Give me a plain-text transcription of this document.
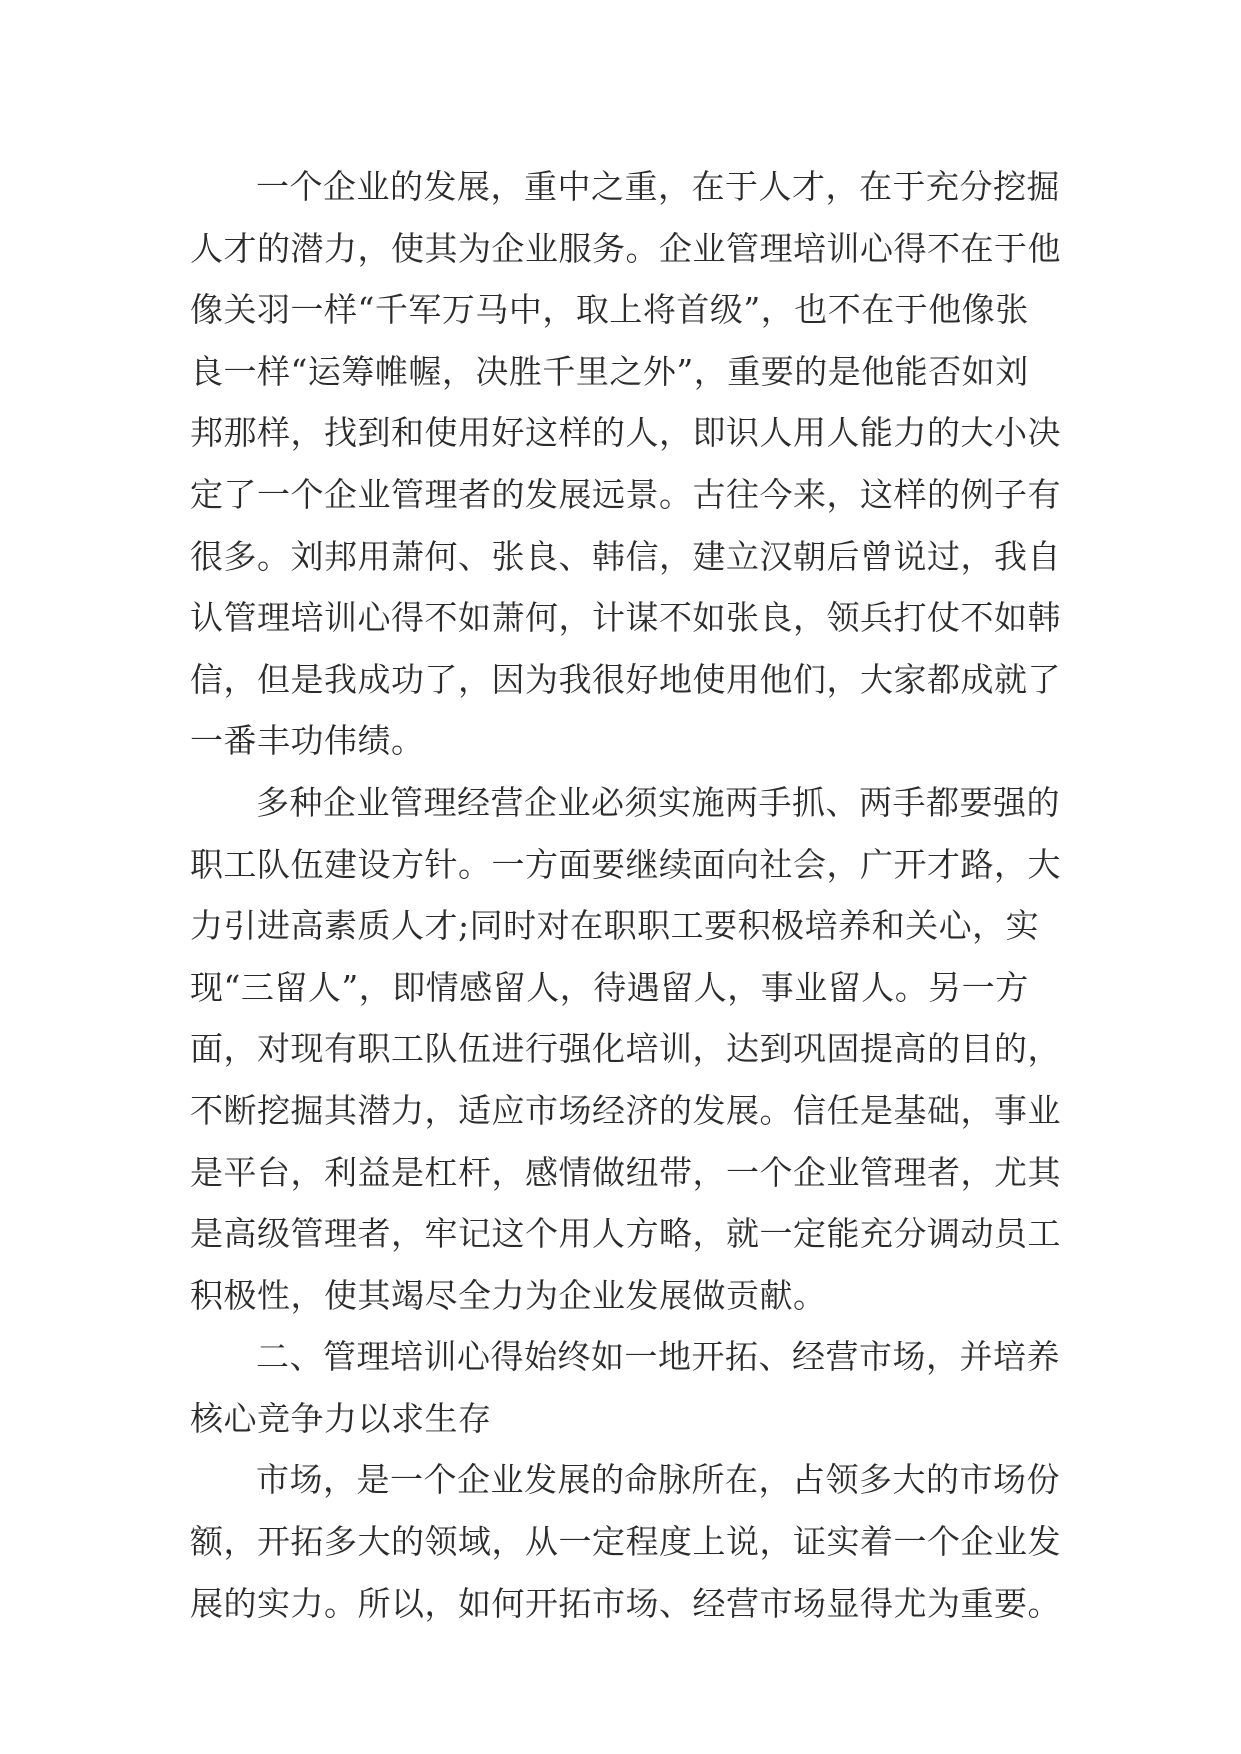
一个企业的发展，重中之重，在于人才，在于充分挖掘
人才的潜力，使其为企业服务。企业管理培训心得不在于他
像关羽一样“千军万马中，取上将首级”，也不在于他像张
良一样“运筹帷幄，决胜千里之外”，重要的是他能否如刘
邦那样，找到和使用好这样的人，即识人用人能力的大小决
定了一个企业管理者的发展远景。古往今来，这样的例子有
很多。刘邦用萧何、张良、韩信，建立汉朝后曾说过，我自
认管理培训心得不如萧何，计谋不如张良，领兵打仗不如韩
信，但是我成功了，因为我很好地使用他们，大家都成就了
一番丰功伟绩。
多种企业管理经营企业必须实施两手抓、两手都要强的
职工队伍建设方针。一方面要继续面向社会，广开才路，大
力引进高素质人才;同时对在职职工要积极培养和关心，实
现“三留人”，即情感留人，待遇留人，事业留人。另一方
面，对现有职工队伍进行强化培训，达到巩固提高的目的，
不断挖掘其潜力，适应市场经济的发展。信任是基础，事业
是平台，利益是杠杆，感情做纽带，一个企业管理者，尤其
是高级管理者，牢记这个用人方略，就一定能充分调动员工
积极性，使其竭尽全力为企业发展做贡献。
二、管理培训心得始终如一地开拓、经营市场，并培养
核心竞争力以求生存
市场，是一个企业发展的命脉所在，占领多大的市场份
额，开拓多大的领域，从一定程度上说，证实着一个企业发
展的实力。所以，如何开拓市场、经营市场显得尤为重要。
